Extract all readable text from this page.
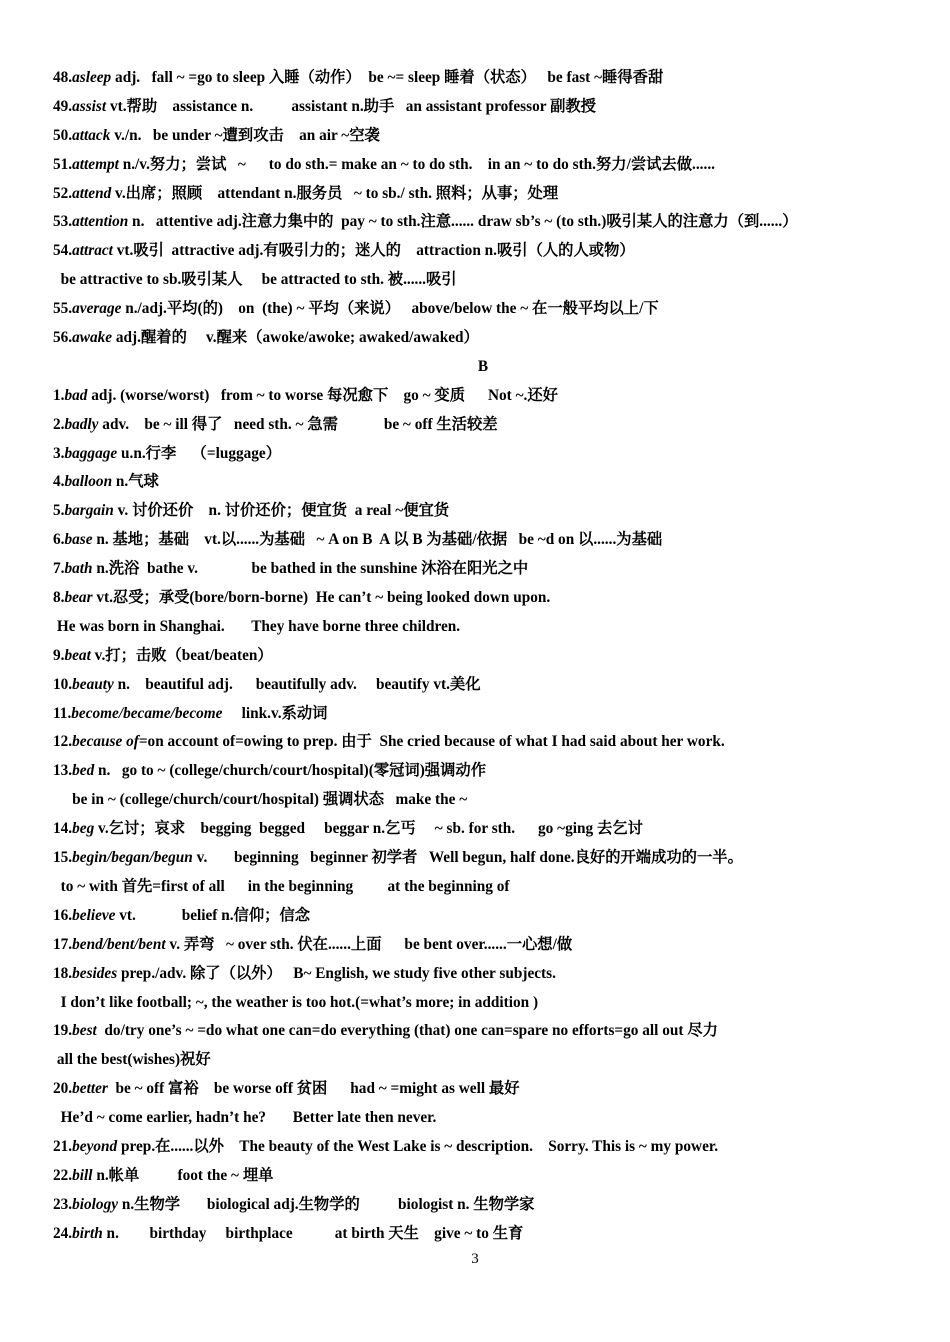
48.asleep adj.   fall ~ =go to sleep 入睡（动作）  be ~= sleep 睡着（状态）   be fast ~睡得香甜
49.assist vt.帮助    assistance n.          assistant n.助手   an assistant professor 副教授
50.attack v./n.   be under ~遭到攻击    an air ~空袭
51.attempt n./v.努力；尝试   ~      to do sth.= make an ~ to do sth.    in an ~ to do sth.努力/尝试去做......
52.attend v.出席；照顾    attendant n.服务员   ~ to sb./ sth. 照料；从事；处理
53.attention n.   attentive adj.注意力集中的  pay ~ to sth.注意...... draw sb’s ~ (to sth.)吸引某人的注意力（到......）
54.attract vt.吸引  attractive adj.有吸引力的；迷人的    attraction n.吸引（人的人或物）
be attractive to sb.吸引某人     be attracted to sth. 被......吸引
55.average n./adj.平均(的)    on  (the) ~ 平均（来说）   above/below the ~ 在一般平均以上/下
56.awake adj.醒着的     v.醒来（awoke/awoke; awaked/awaked）
B
1.bad adj. (worse/worst)   from ~ to worse 每况愈下    go ~ 变质      Not ~.还好
2.badly adv.    be ~ ill 得了   need sth. ~ 急需            be ~ off 生活较差
3.baggage u.n.行李    （=luggage）
4.balloon n.气球
5.bargain v. 讨价还价    n. 讨价还价；便宜货  a real ~便宜货
6.base n. 基地；基础    vt.以......为基础   ~ A on B  A 以 B 为基础/依据   be ~d on 以......为基础
7.bath n.洗浴  bathe v.              be bathed in the sunshine 沐浴在阳光之中
8.bear vt.忍受；承受(bore/born-borne)  He can’t ~ being looked down upon.
He was born in Shanghai.       They have borne three children.
9.beat v.打；击败（beat/beaten）
10.beauty n.    beautiful adj.      beautifully adv.     beautify vt.美化
11.become/became/become     link.v.系动词
12.because of=on account of=owing to prep. 由于  She cried because of what I had said about her work.
13.bed n.   go to ~ (college/church/court/hospital)(零冠词)强调动作
be in ~ (college/church/court/hospital) 强调状态   make the ~
14.beg v.乞讨；哀求    begging  begged     beggar n.乞丐     ~ sb. for sth.      go ~ging 去乞讨
15.begin/began/begun v.       beginning   beginner 初学者   Well begun, half done.良好的开端成功的一半。
to ~ with 首先=first of all      in the beginning         at the beginning of
16.believe vt.            belief n.信仰；信念
17.bend/bent/bent v. 弄弯   ~ over sth. 伏在......上面      be bent over......一心想/做
18.besides prep./adv. 除了（以外）   B~ English, we study five other subjects.
I don’t like football; ~, the weather is too hot.(=what’s more; in addition )
19.best  do/try one’s ~ =do what one can=do everything (that) one can=spare no efforts=go all out 尽力
all the best(wishes)祝好
20.better  be ~ off 富裕    be worse off 贫困      had ~ =might as well 最好
He’d ~ come earlier, hadn’t he?       Better late then never.
21.beyond prep.在......以外    The beauty of the West Lake is ~ description.    Sorry. This is ~ my power.
22.bill n.帐单          foot the ~ 埋单
23.biology n.生物学       biological adj.生物学的          biologist n. 生物学家
24.birth n.        birthday     birthplace           at birth 天生    give ~ to 生育
3
